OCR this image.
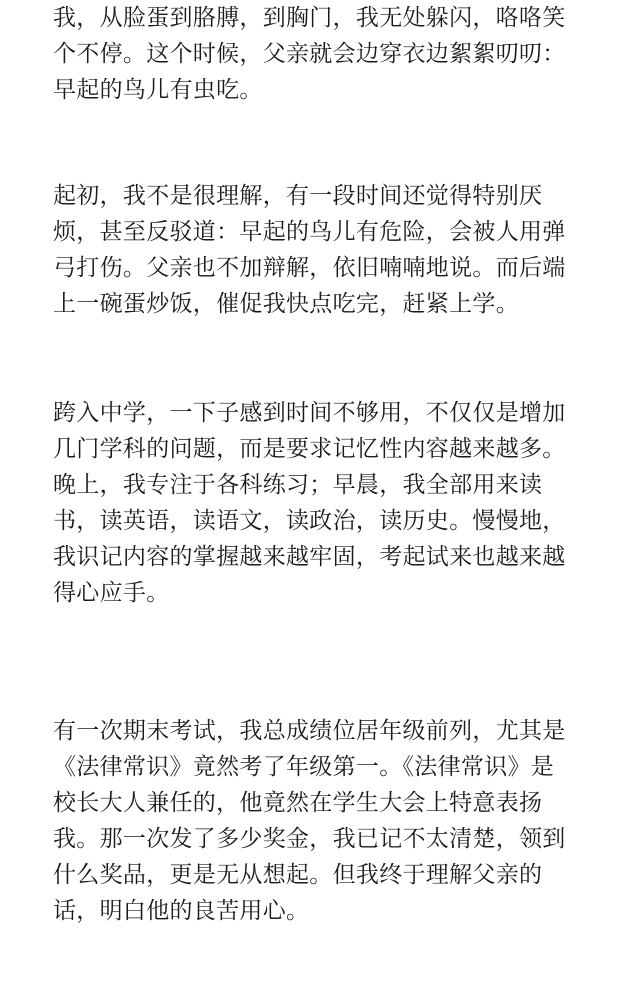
我，从脸蛋到胳膊，到胸门，我无处躲闪，咯咯笑
个不停。这个时候，父亲就会边穿衣边絮絮叨叨：
早起的鸟儿有虫吃。

起初，我不是很理解，有一段时间还觉得特别厌
烦，甚至反驳道：早起的鸟儿有危险，会被人用弹
弓打伤。父亲也不加辩解，依旧喃喃地说。而后端
上一碗蛋炒饭，催促我快点吃完，赶紧上学。

跨入中学，一下子感到时间不够用，不仅仅是增加
几门学科的问题，而是要求记忆性内容越来越多。
晚上，我专注于各科练习；早晨，我全部用来读
书，读英语，读语文，读政治，读历史。慢慢地，
我识记内容的掌握越来越牢固，考起试来也越来越
得心应手。

有一次期末考试，我总成绩位居年级前列，尤其是
《法律常识》竟然考了年级第一。《法律常识》是
校长大人兼任的，他竟然在学生大会上特意表扬
我。那一次发了多少奖金，我已记不太清楚，领到
什么奖品，更是无从想起。但我终于理解父亲的
话，明白他的良苦用心。
